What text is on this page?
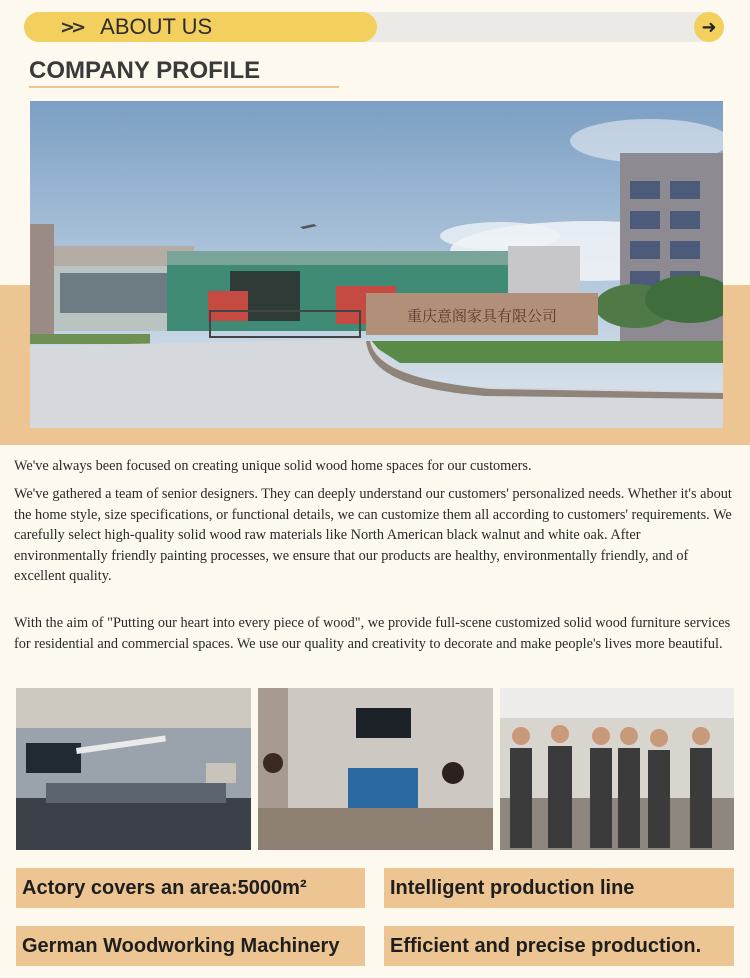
>> ABOUT US	➜
COMPANY PROFILE
重庆意阁家具有限公司

We've always been focused on creating unique solid wood home spaces for our customers.

We've gathered a team of senior designers. They can deeply understand our customers' personalized needs. Whether it's about the home style, size specifications, or functional details, we can customize them all according to customers' requirements. We carefully select high-quality solid wood raw materials like North American black walnut and white oak. After environmentally friendly painting processes, we ensure that our products are healthy, environmentally friendly, and of excellent quality.

With the aim of "Putting our heart into every piece of wood", we provide full-scene customized solid wood furniture services for residential and commercial spaces. We use our quality and creativity to decorate and make people's lives more beautiful.

Actory covers an area:5000m²	Intelligent production line
German Woodworking Machinery	Efficient and precise production.
